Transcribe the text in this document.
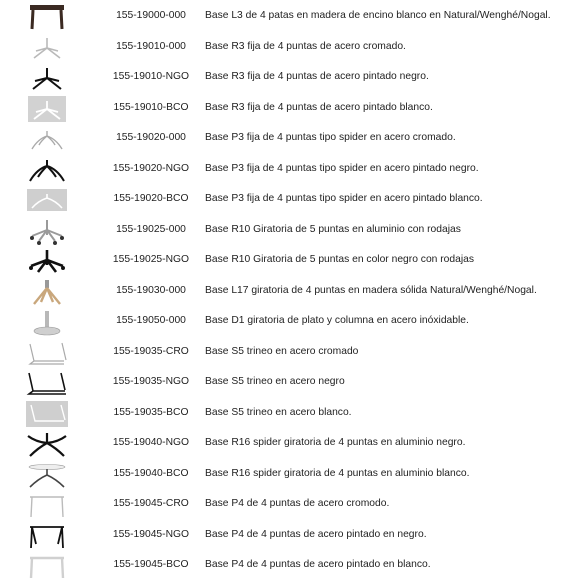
155-19000-000	Base L3 de 4 patas en madera de encino blanco en Natural/Wenghé/Nogal.
155-19010-000	Base R3 fija de 4 puntas de acero cromado.
155-19010-NGO	Base R3 fija de 4 puntas de acero pintado negro.
155-19010-BCO	Base R3 fija de 4 puntas de acero pintado blanco.
155-19020-000	Base P3 fija de 4 puntas tipo spider en acero cromado.
155-19020-NGO	Base P3 fija de 4 puntas tipo spider en acero pintado negro.
155-19020-BCO	Base P3 fija de 4 puntas tipo spider en acero pintado blanco.
155-19025-000	Base R10 Giratoria de 5 puntas en aluminio con rodajas
155-19025-NGO	Base R10 Giratoria de 5 puntas en color negro con rodajas
155-19030-000	Base L17 giratoria de 4 puntas en madera sólida Natural/Wenghé/Nogal.
155-19050-000	Base D1 giratoria de plato y columna en acero inóxidable.
155-19035-CRO	Base S5 trineo en acero cromado
155-19035-NGO	Base S5 trineo en acero negro
155-19035-BCO	Base S5 trineo en acero blanco.
155-19040-NGO	Base R16 spider giratoria de 4 puntas en aluminio negro.
155-19040-BCO	Base R16 spider giratoria de 4 puntas en aluminio blanco.
155-19045-CRO	Base P4 de 4 puntas de acero cromodo.
155-19045-NGO	Base P4 de 4 puntas de acero pintado en negro.
155-19045-BCO	Base P4 de 4 puntas de acero pintado en blanco.
